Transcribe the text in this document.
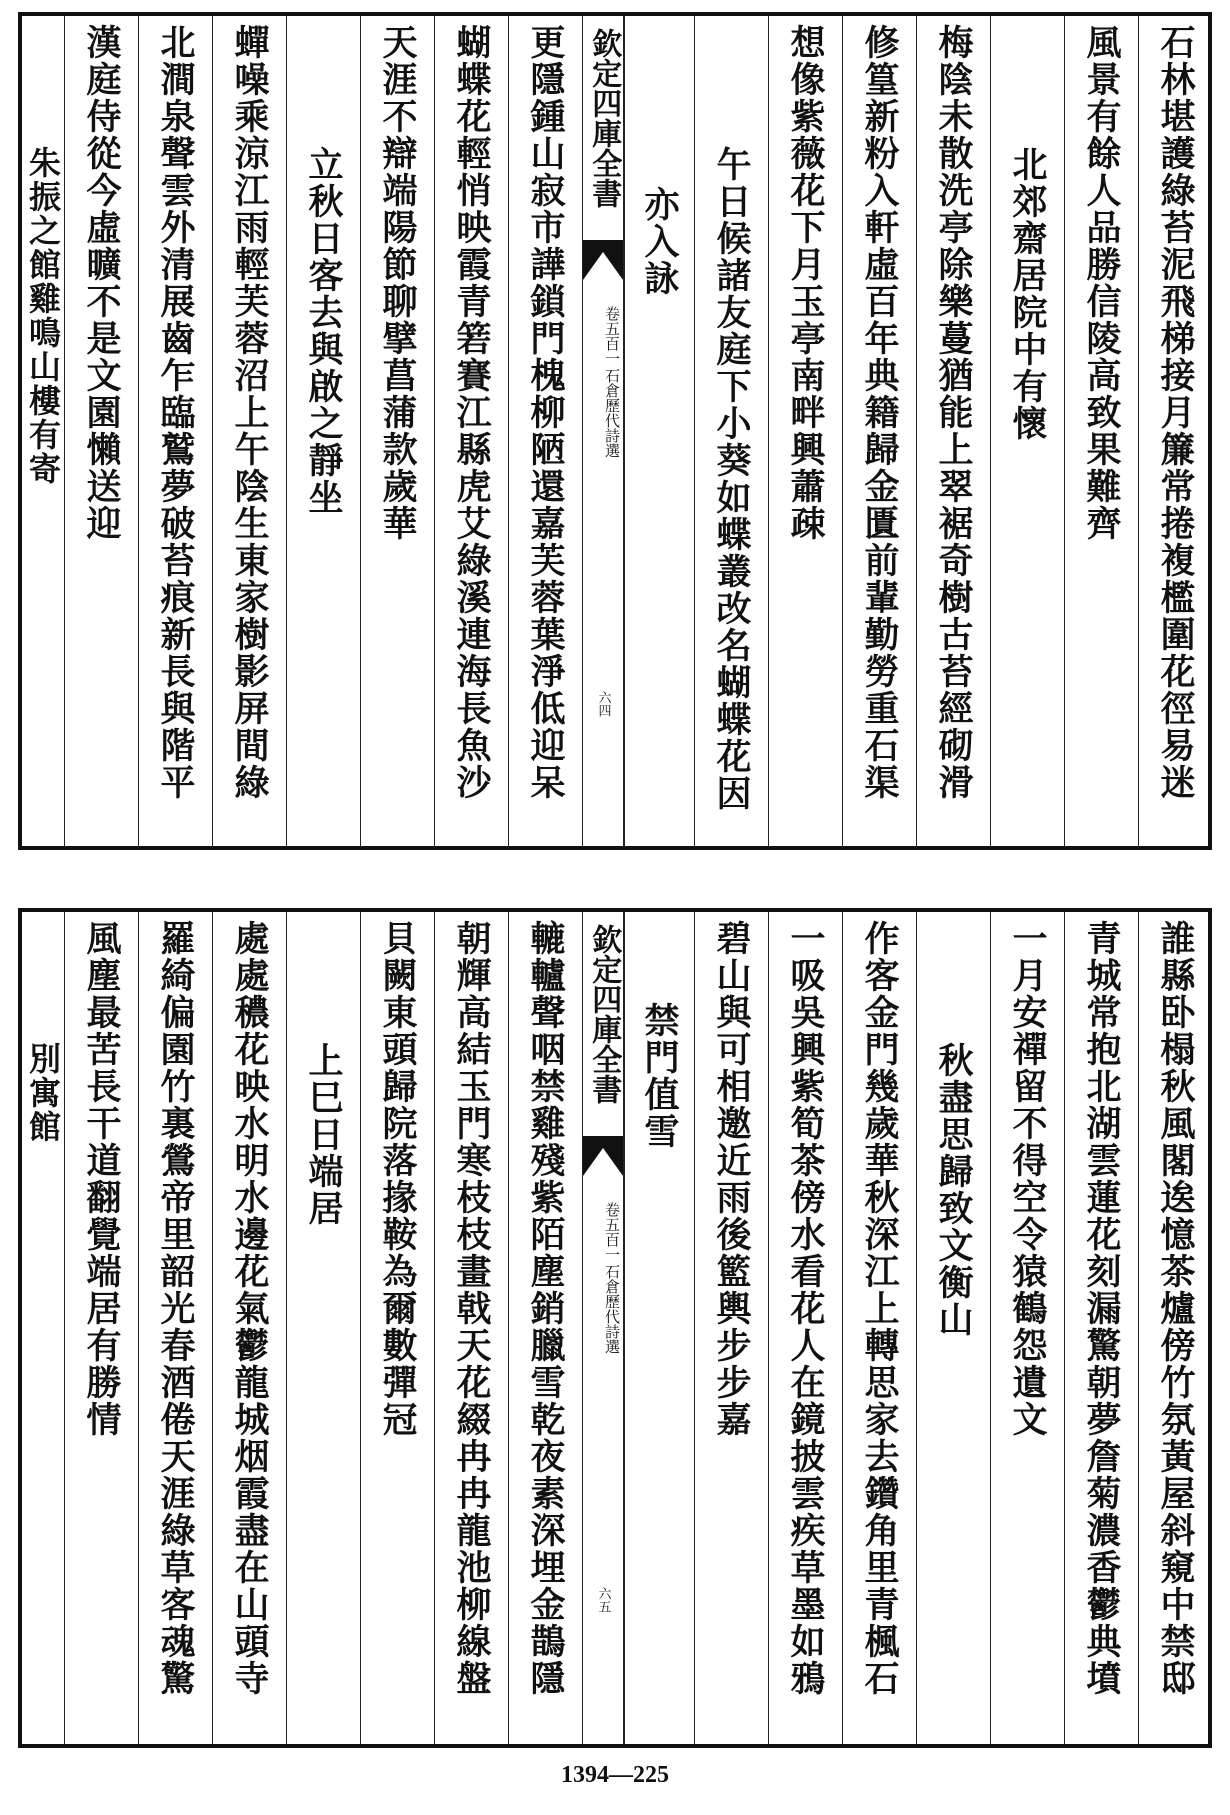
石林堪護綠苔泥飛梯接月簾常捲複檻圍花徑易迷
風景有餘人品勝信陵高致果難齊
北郊齋居院中有懷
梅陰未散洗亭除樂蔓猶能上翠裾奇樹古苔經砌滑
修篁新粉入軒虛百年典籍歸金匱前輩勤勞重石渠
想像紫薇花下月玉亭南畔興蕭疎
午日候諸友庭下小葵如蝶叢改名蝴蝶花因
亦入詠
欽定四庫全書
石倉歷代詩選
卷五百一
六四
更隱鍾山寂市譁鎖門槐柳陋還嘉芙蓉葉淨低迎呆
蝴蝶花輕悄映霞青箬賽江縣虎艾綠溪連海長魚沙
天涯不辯端陽節聊擘菖蒲款歲華
立秋日客去與啟之靜坐
蟬噪乘涼江雨輕芙蓉沼上午陰生東家樹影屏間綠
北澗泉聲雲外清展齒乍臨鷲夢破苔痕新長與階平
漢庭侍從今虛曠不是文園懶送迎
朱振之館雞鳴山樓有寄
誰縣卧榻秋風閣逘憶茶爐傍竹氛黃屋斜窺中禁邸
青城常抱北湖雲蓮花刻漏驚朝夢詹菊濃香鬱典墳
一月安禪留不得空令猿鶴怨遺文
秋盡思歸致文衡山
作客金門幾歲華秋深江上轉思家去鑽角里青楓石
一吸吳興紫筍茶傍水看花人在鏡披雲疾草墨如鴉
碧山與可相邀近雨後籃輿步步嘉
禁門值雪
欽定四庫全書
石倉歷代詩選
卷五百一
六五
轆轤聲咽禁雞殘紫陌塵銷臘雪乾夜素深埋金鵲隱
朝輝高結玉門寒枝枝畫戟天花綴冉冉龍池柳線盤
貝闕東頭歸院落掾鞍為爾數彈冠
上巳日端居
處處穠花映水明水邊花氣鬱龍城烟霞盡在山頭寺
羅綺偏園竹裏鶯帝里韶光春酒倦天涯綠草客魂驚
風塵最苦長干道翻覺端居有勝情
別寓館
1394—225
